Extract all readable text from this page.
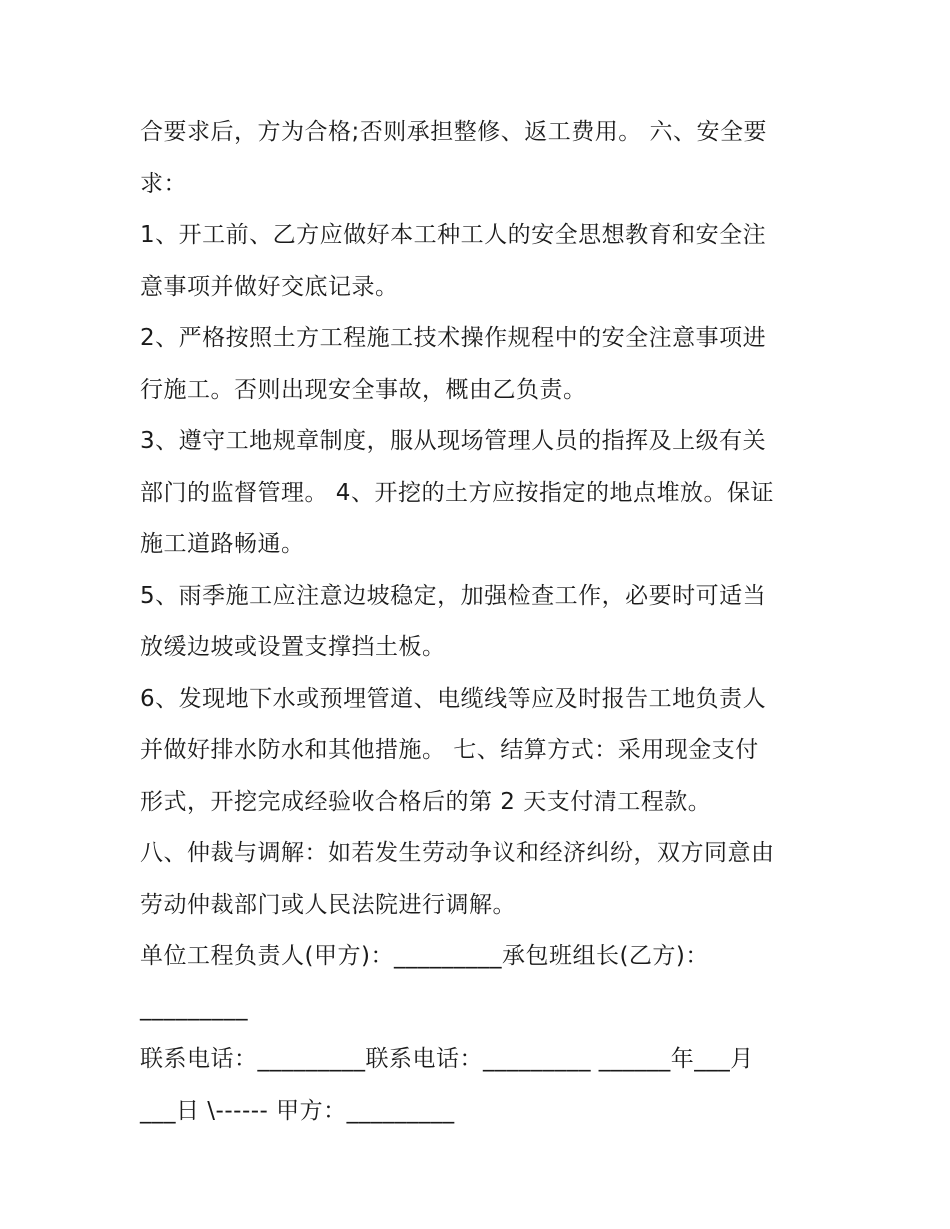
合要求后，方为合格;否则承担整修、返工费用。 六、安全要
求：
1、开工前、乙方应做好本工种工人的安全思想教育和安全注
意事项并做好交底记录。
2、严格按照土方工程施工技术操作规程中的安全注意事项进
行施工。否则出现安全事故，概由乙负责。
3、遵守工地规章制度，服从现场管理人员的指挥及上级有关
部门的监督管理。 4、开挖的土方应按指定的地点堆放。保证
施工道路畅通。
5、雨季施工应注意边坡稳定，加强检查工作，必要时可适当
放缓边坡或设置支撑挡土板。
6、发现地下水或预埋管道、电缆线等应及时报告工地负责人
并做好排水防水和其他措施。 七、结算方式：采用现金支付
形式，开挖完成经验收合格后的第 2 天支付清工程款。
八、仲裁与调解：如若发生劳动争议和经济纠纷，双方同意由
劳动仲裁部门或人民法院进行调解。
单位工程负责人(甲方)：_________承包班组长(乙方)：
_________
联系电话：_________联系电话：_________ ______年___月
___日 \------ 甲方：_________
